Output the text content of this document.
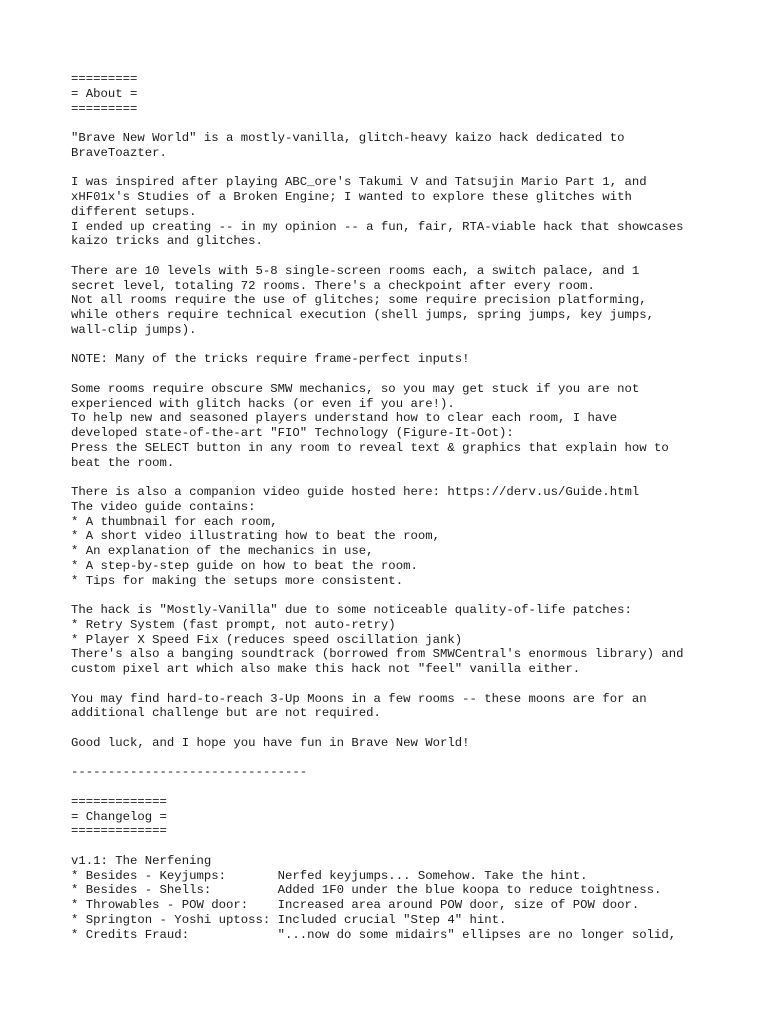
=========
= About =
=========
"Brave New World" is a mostly-vanilla, glitch-heavy kaizo hack dedicated to
BraveToazter.
I was inspired after playing ABC_ore's Takumi V and Tatsujin Mario Part 1, and
xHF01x's Studies of a Broken Engine; I wanted to explore these glitches with
different setups.
I ended up creating -- in my opinion -- a fun, fair, RTA-viable hack that showcases
kaizo tricks and glitches.
There are 10 levels with 5-8 single-screen rooms each, a switch palace, and 1
secret level, totaling 72 rooms. There's a checkpoint after every room.
Not all rooms require the use of glitches; some require precision platforming,
while others require technical execution (shell jumps, spring jumps, key jumps,
wall-clip jumps).
NOTE: Many of the tricks require frame-perfect inputs!
Some rooms require obscure SMW mechanics, so you may get stuck if you are not
experienced with glitch hacks (or even if you are!).
To help new and seasoned players understand how to clear each room, I have
developed state-of-the-art "FIO" Technology (Figure-It-Oot):
Press the SELECT button in any room to reveal text & graphics that explain how to
beat the room.
There is also a companion video guide hosted here: https://derv.us/Guide.html
The video guide contains:
* A thumbnail for each room,
* A short video illustrating how to beat the room,
* An explanation of the mechanics in use,
* A step-by-step guide on how to beat the room.
* Tips for making the setups more consistent.
The hack is "Mostly-Vanilla" due to some noticeable quality-of-life patches:
* Retry System (fast prompt, not auto-retry)
* Player X Speed Fix (reduces speed oscillation jank)
There's also a banging soundtrack (borrowed from SMWCentral's enormous library) and
custom pixel art which also make this hack not "feel" vanilla either.
You may find hard-to-reach 3-Up Moons in a few rooms -- these moons are for an
additional challenge but are not required.
Good luck, and I hope you have fun in Brave New World!
--------------------------------
=============
= Changelog =
=============
v1.1: The Nerfening
* Besides - Keyjumps:       Nerfed keyjumps... Somehow. Take the hint.
* Besides - Shells:         Added 1F0 under the blue koopa to reduce toightness.
* Throwables - POW door:    Increased area around POW door, size of POW door.
* Springton - Yoshi uptoss: Included crucial "Step 4" hint.
* Credits Fraud:            "...now do some midairs" ellipses are no longer solid,
